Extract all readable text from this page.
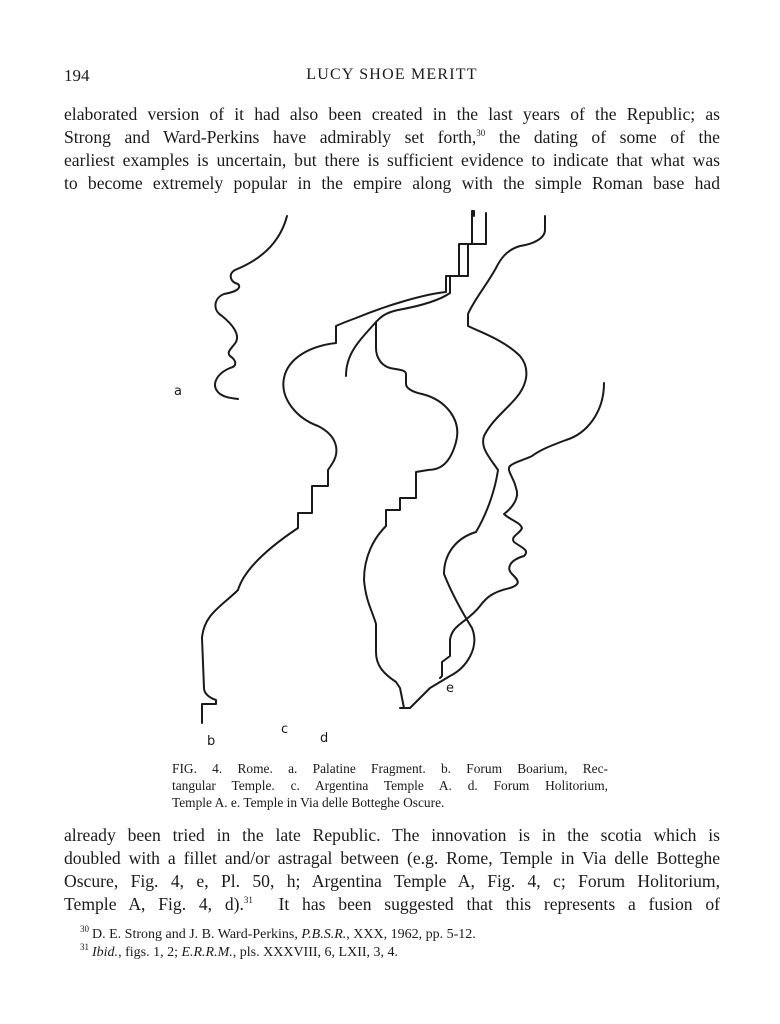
194	LUCY SHOE MERITT
elaborated version of it had also been created in the last years of the Republic; as
Strong and Ward-Perkins have admirably set forth,$^{30}$ the dating of some of the
earliest examples is uncertain, but there is sufficient evidence to indicate that what was
to become extremely popular in the empire along with the simple Roman base had
a
b
c
d
e
FIG. 4. Rome. a. Palatine Fragment. b. Forum Boarium, Rec-
tangular Temple. c. Argentina Temple A. d. Forum Holitorium,
Temple A. e. Temple in Via delle Botteghe Oscure.
already been tried in the late Republic. The innovation is in the scotia which is
doubled with a fillet and/or astragal between (e.g. Rome, Temple in Via delle Botteghe
Oscure, Fig. 4, e, Pl. 50, h; Argentina Temple A, Fig. 4, c; Forum Holitorium,
Temple A, Fig. 4, d).$^{31}$  It has been suggested that this represents a fusion of
$^{30}$ D. E. Strong and J. B. Ward-Perkins, P.B.S.R., XXX, 1962, pp. 5-12.
$^{31}$ Ibid., figs. 1, 2; E.R.R.M., pls. XXXVIII, 6, LXII, 3, 4.
